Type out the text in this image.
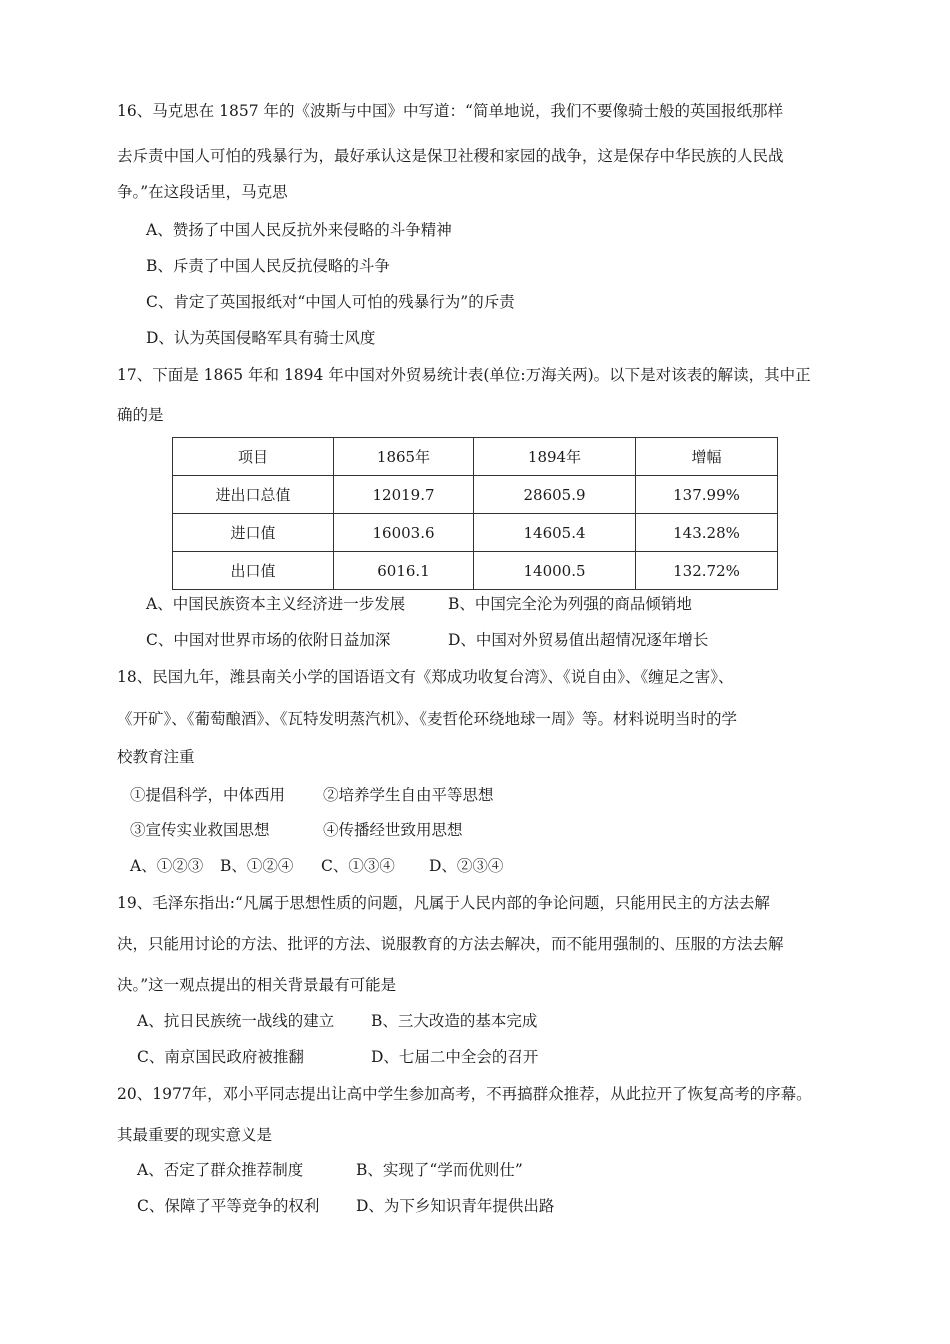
16、马克思在 1857 年的《波斯与中国》中写道：“简单地说，我们不要像骑士般的英国报纸那样
去斥责中国人可怕的残暴行为，最好承认这是保卫社稷和家园的战争，这是保存中华民族的人民战
争。”在这段话里，马克思
A、赞扬了中国人民反抗外来侵略的斗争精神
B、斥责了中国人民反抗侵略的斗争
C、肯定了英国报纸对“中国人可怕的残暴行为”的斥责
D、认为英国侵略军具有骑士风度
17、下面是 1865 年和 1894 年中国对外贸易统计表(单位:万海关两)。以下是对该表的解读，其中正
确的是
项目	1865年	1894年	增幅
进出口总值	12019.7	28605.9	137.99%
进口值	16003.6	14605.4	143.28%
出口值	6016.1	14000.5	132.72%
A、中国民族资本主义经济进一步发展	B、中国完全沦为列强的商品倾销地
C、中国对世界市场的依附日益加深	D、中国对外贸易值出超情况逐年增长
18、民国九年，潍县南关小学的国语语文有《郑成功收复台湾》、《说自由》、《缠足之害》、
《开矿》、《葡萄酿酒》、《瓦特发明蒸汽机》、《麦哲伦环绕地球一周》等。材料说明当时的学
校教育注重
①提倡科学，中体西用 ②培养学生自由平等思想
③宣传实业救国思想	④传播经世致用思想
A、①②③ B、①②④ C、①③④ D、②③④
19、毛泽东指出:“凡属于思想性质的问题，凡属于人民内部的争论问题，只能用民主的方法去解
决，只能用讨论的方法、批评的方法、说服教育的方法去解决，而不能用强制的、压服的方法去解
决。”这一观点提出的相关背景最有可能是
A、抗日民族统一战线的建立 B、三大改造的基本完成
C、南京国民政府被推翻	D、七届二中全会的召开
20、1977年，邓小平同志提出让高中学生参加高考，不再搞群众推荐，从此拉开了恢复高考的序幕。
其最重要的现实意义是
A、否定了群众推荐制度	B、实现了“学而优则仕”
C、保障了平等竞争的权利 D、为下乡知识青年提供出路
